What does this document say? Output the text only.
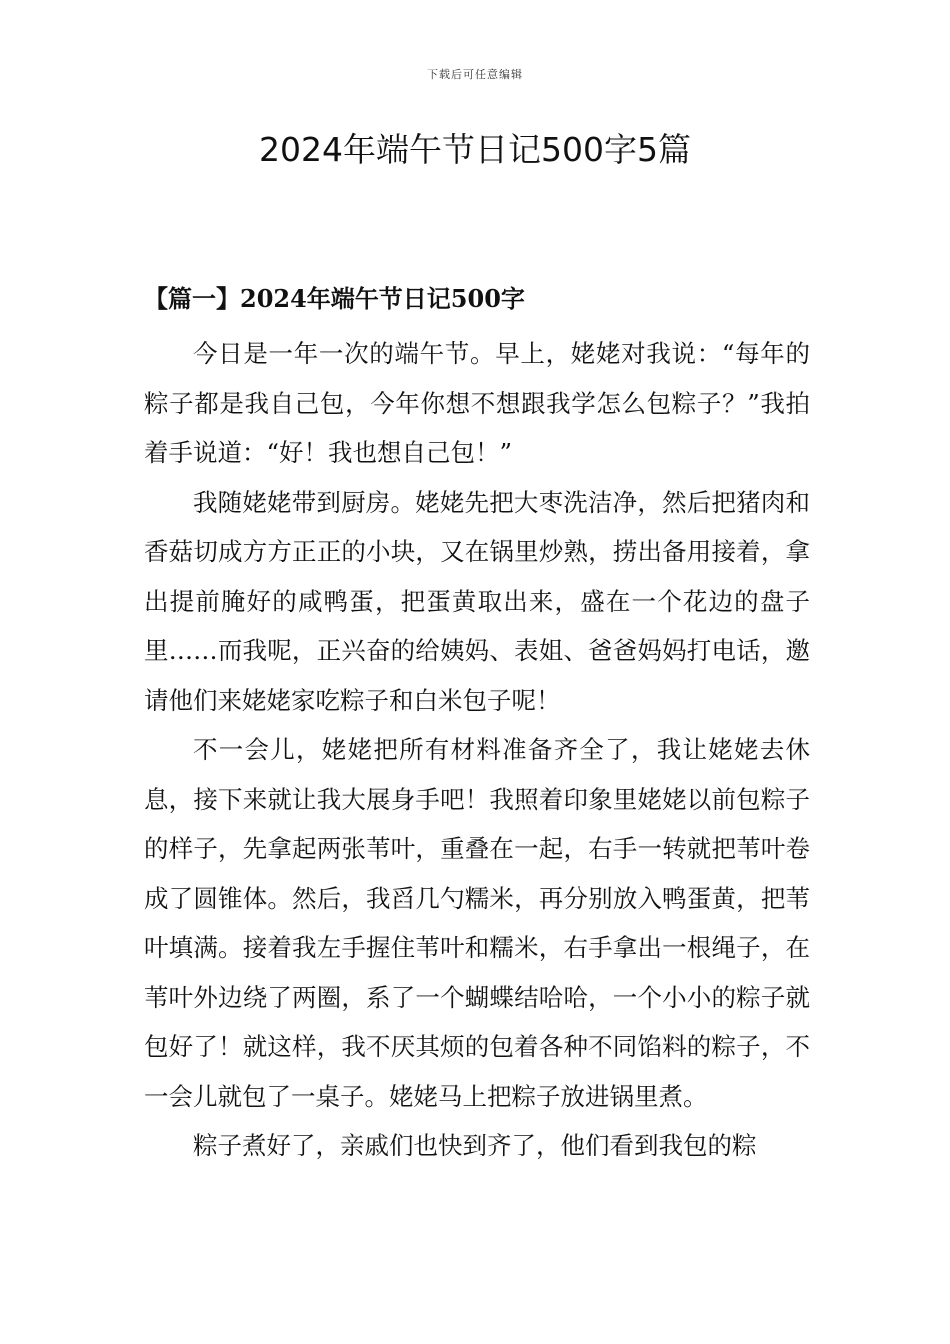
下载后可任意编辑
2024年端午节日记500字5篇
【篇一】2024年端午节日记500字

今日是一年一次的端午节。早上，姥姥对我说：“每年的粽子都是我自己包，今年你想不想跟我学怎么包粽子？”我拍着手说道：“好！我也想自己包！”

我随姥姥带到厨房。姥姥先把大枣洗洁净，然后把猪肉和香菇切成方方正正的小块，又在锅里炒熟，捞出备用接着，拿出提前腌好的咸鸭蛋，把蛋黄取出来，盛在一个花边的盘子里……而我呢，正兴奋的给姨妈、表姐、爸爸妈妈打电话，邀请他们来姥姥家吃粽子和白米包子呢！

不一会儿，姥姥把所有材料准备齐全了，我让姥姥去休息，接下来就让我大展身手吧！我照着印象里姥姥以前包粽子的样子，先拿起两张苇叶，重叠在一起，右手一转就把苇叶卷成了圆锥体。然后，我舀几勺糯米，再分别放入鸭蛋黄，把苇叶填满。接着我左手握住苇叶和糯米，右手拿出一根绳子，在苇叶外边绕了两圈，系了一个蝴蝶结哈哈，一个小小的粽子就包好了！就这样，我不厌其烦的包着各种不同馅料的粽子，不一会儿就包了一桌子。姥姥马上把粽子放进锅里煮。

粽子煮好了，亲戚们也快到齐了，他们看到我包的粽
